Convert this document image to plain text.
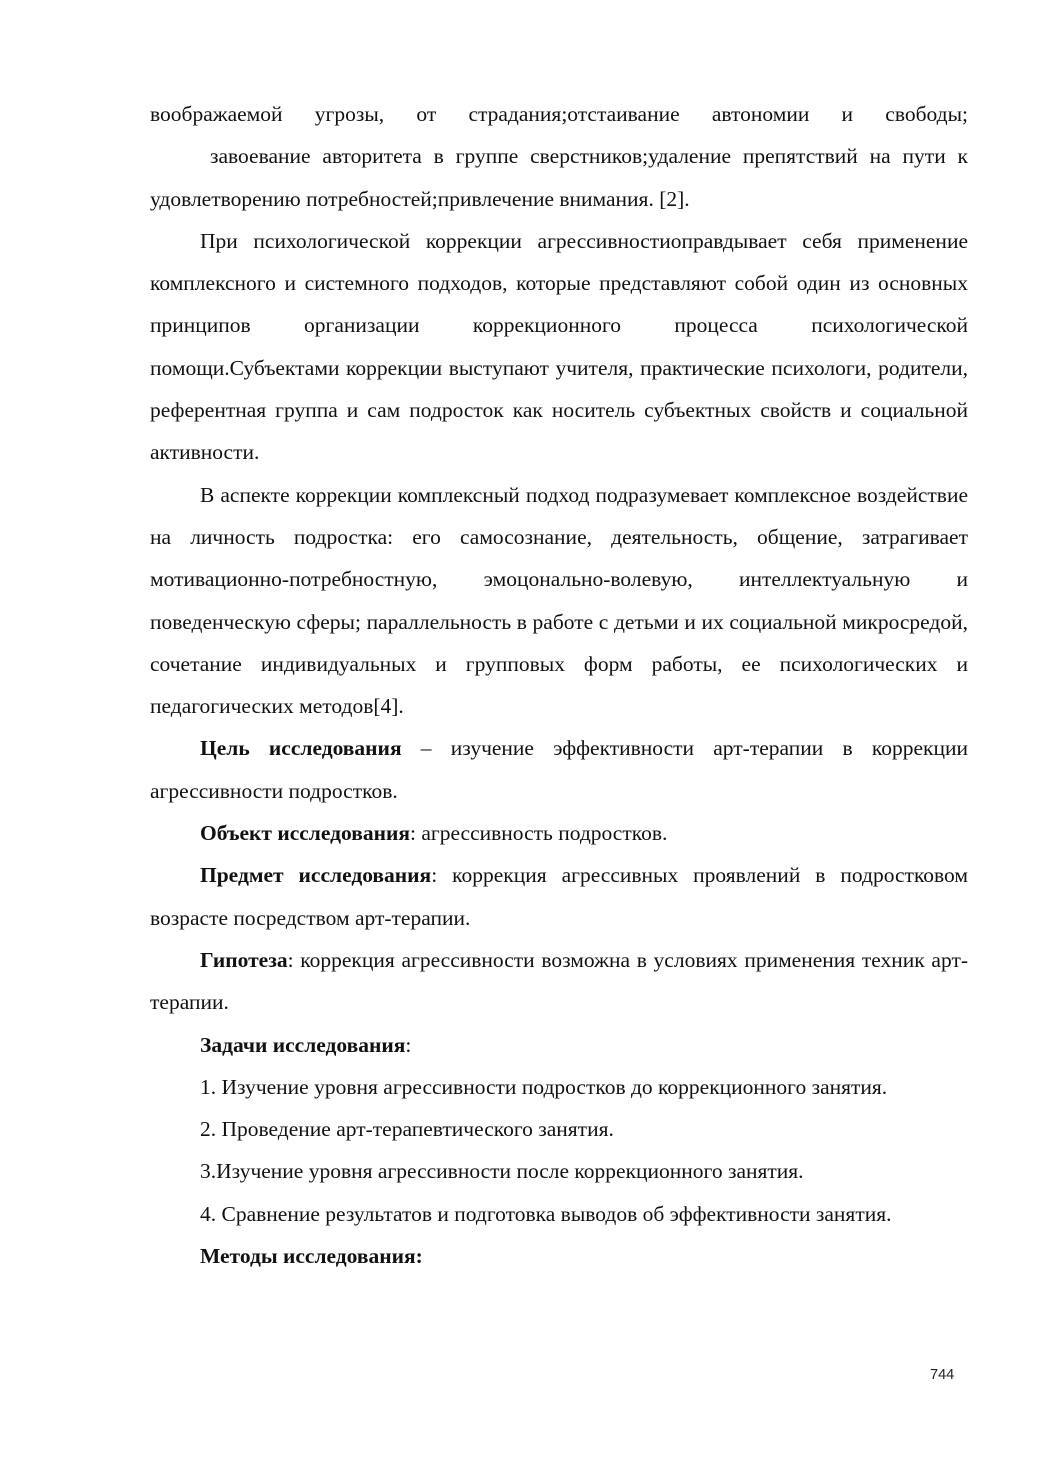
воображаемой угрозы, от страдания;отстаивание автономии и свободы;

завоевание авторитета в группе сверстников;удаление препятствий на пути к удовлетворению потребностей;привлечение внимания. [2].

При психологической коррекции агрессивностиоправдывает себя применение комплексного и системного подходов, которые представляют собой один из основных принципов организации коррекционного процесса психологической помощи.Субъектами коррекции выступают учителя, практические психологи, родители, референтная группа и сам подросток как носитель субъектных свойств и социальной активности.

В аспекте коррекции комплексный подход подразумевает комплексное воздействие на личность подростка: его самосознание, деятельность, общение, затрагивает мотивационно-потребностную, эмоцонально-волевую, интеллектуальную и поведенческую сферы; параллельность в работе с детьми и их социальной микросредой, сочетание индивидуальных и групповых форм работы, ее психологических и педагогических методов[4].

Цель исследования – изучение эффективности арт-терапии в коррекции агрессивности подростков.

Объект исследования: агрессивность подростков.

Предмет исследования: коррекция агрессивных проявлений в подростковом возрасте посредством арт-терапии.

Гипотеза: коррекция агрессивности возможна в условиях применения техник арт-терапии.

Задачи исследования:

1. Изучение уровня агрессивности подростков до коррекционного занятия.

2. Проведение арт-терапевтического занятия.

3.Изучение уровня агрессивности после коррекционного занятия.

4. Сравнение результатов и подготовка выводов об эффективности занятия.

Методы исследования:

744
